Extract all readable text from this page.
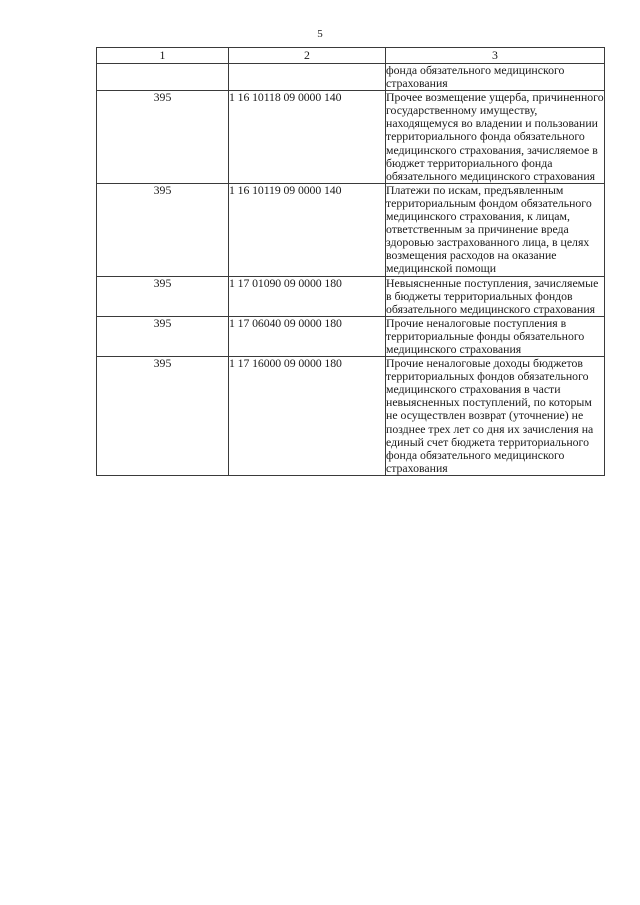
5
1	2	3
		фонда обязательного медицинского страхования
395	1 16 10118 09 0000 140	Прочее возмещение ущерба, причиненного государственному имуществу, находящемуся во владении и пользовании территориального фонда обязательного медицинского страхования, зачисляемое в бюджет территориального фонда обязательного медицинского страхования
395	1 16 10119 09 0000 140	Платежи по искам, предъявленным территориальным фондом обязательного медицинского страхования, к лицам, ответственным за причинение вреда здоровью застрахованного лица, в целях возмещения расходов на оказание медицинской помощи
395	1 17 01090 09 0000 180	Невыясненные поступления, зачисляемые в бюджеты территориальных фондов обязательного медицинского страхования
395	1 17 06040 09 0000 180	Прочие неналоговые поступления в территориальные фонды обязательного медицинского страхования
395	1 17 16000 09 0000 180	Прочие неналоговые доходы бюджетов территориальных фондов обязательного медицинского страхования в части невыясненных поступлений, по которым не осуществлен возврат (уточнение) не позднее трех лет со дня их зачисления на единый счет бюджета территориального фонда обязательного медицинского страхования
